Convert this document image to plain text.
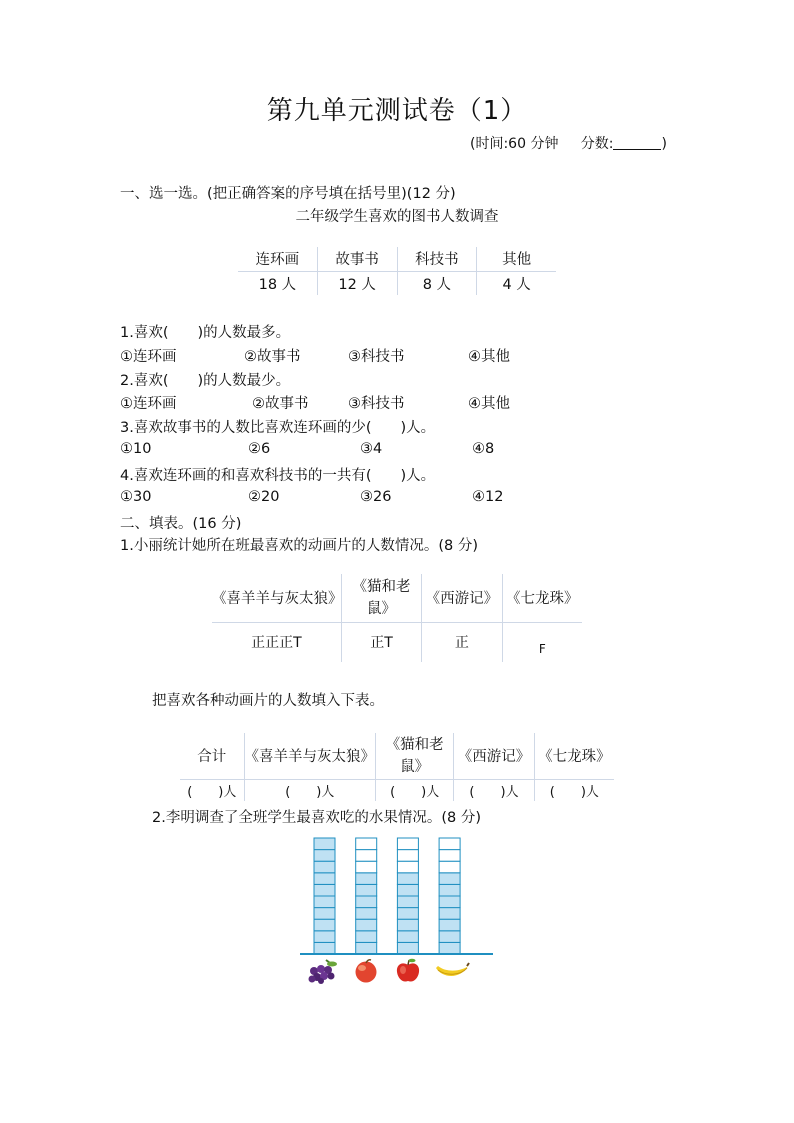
第九单元测试卷（1）
(时间:60 分钟 分数:	)
一、选一选。(把正确答案的序号填在括号里)(12 分)
二年级学生喜欢的图书人数调查
连环画	故事书	科技书	其他
18 人	12 人	8 人	4 人
1.喜欢(　　)的人数最多。
①连环画	②故事书	③科技书	④其他
2.喜欢(　　)的人数最少。
①连环画	②故事书	③科技书	④其他
3.喜欢故事书的人数比喜欢连环画的少(　　)人。
①10	②6	③4	④8
4.喜欢连环画的和喜欢科技书的一共有(　　)人。
①30	②20	③26	④12
二、填表。(16 分)
1.小丽统计她所在班最喜欢的动画片的人数情况。(8 分)
《喜羊羊与灰太狼》	《猫和老
鼠》	《西游记》	《七龙珠》
正正正T	正T	正	F
把喜欢各种动画片的人数填入下表。
合计	《喜羊羊与灰太狼》	《猫和老
鼠》	《西游记》	《七龙珠》
(　　)人	(　　)人	(　　)人	(　　)人	(　　)人
2.李明调查了全班学生最喜欢吃的水果情况。(8 分)
